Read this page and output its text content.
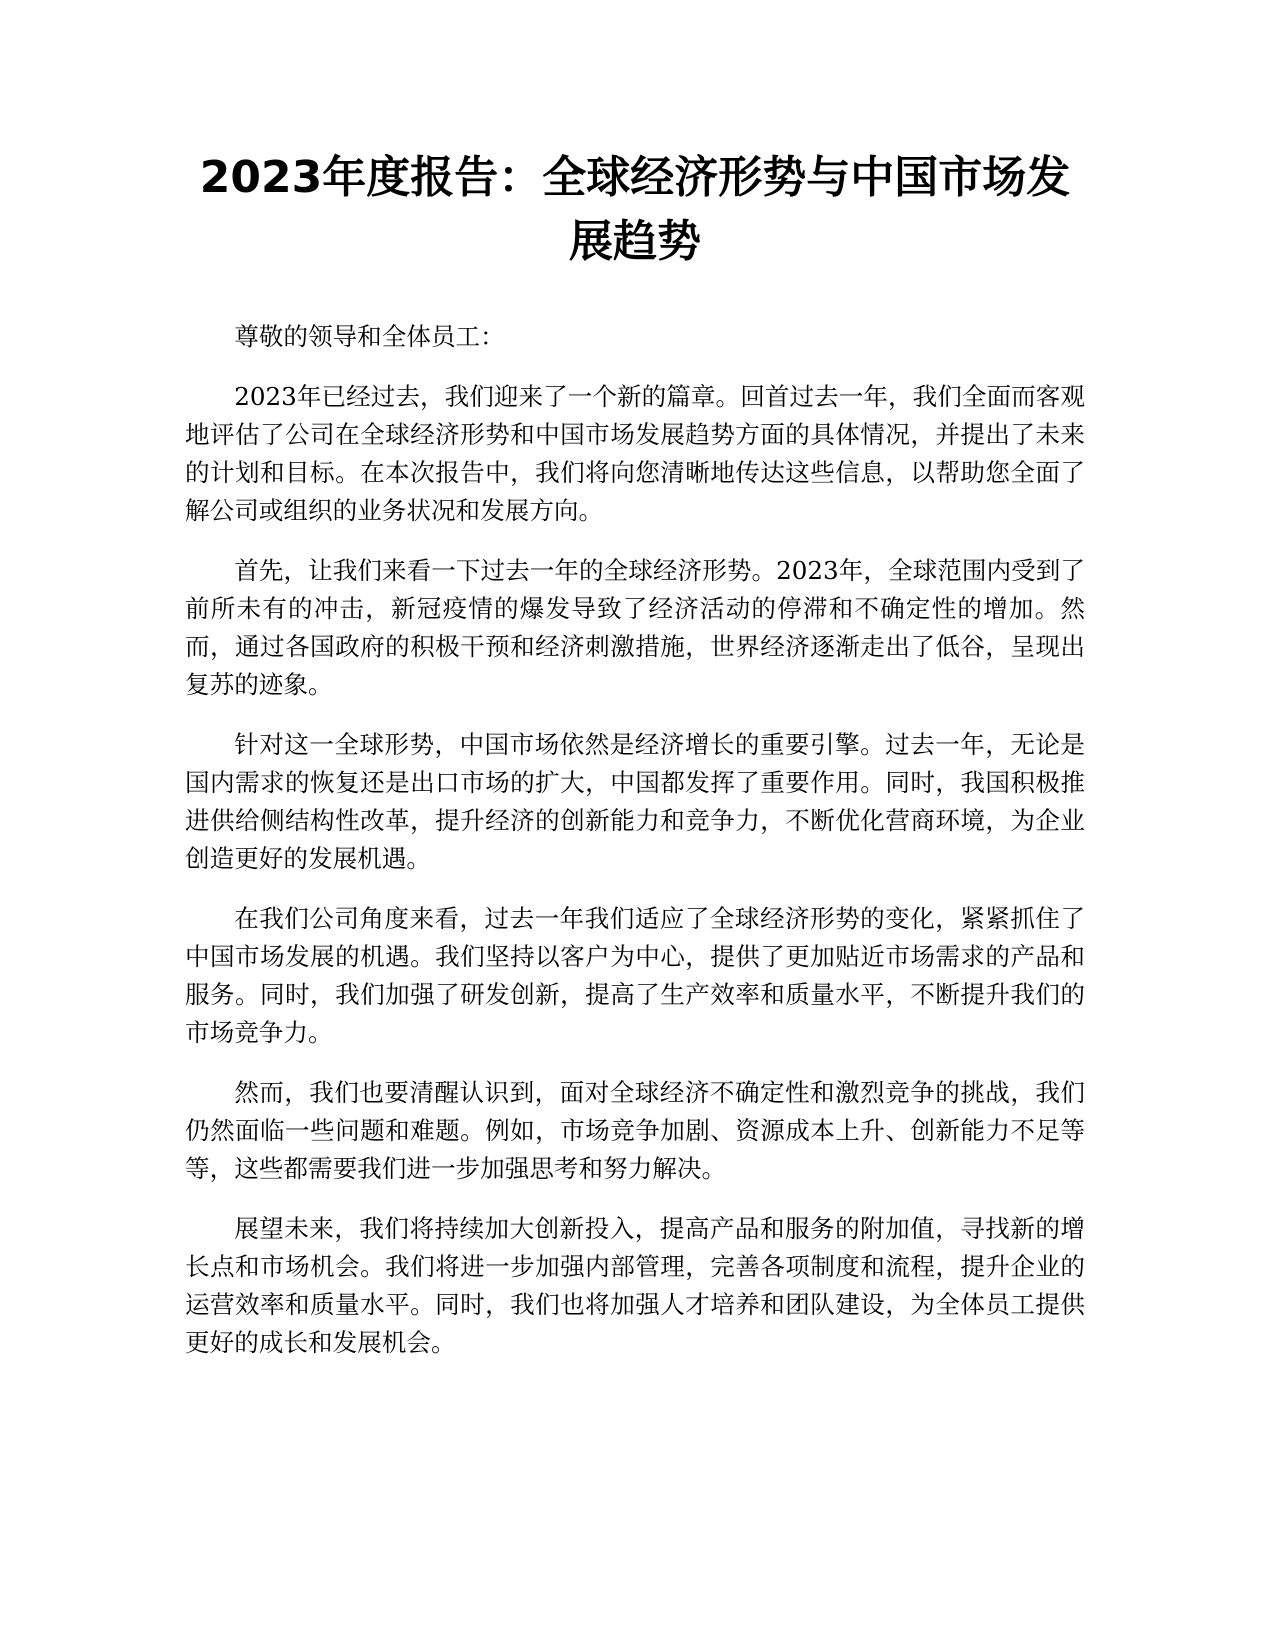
2023年度报告：全球经济形势与中国市场发展趋势

尊敬的领导和全体员工：

2023年已经过去，我们迎来了一个新的篇章。回首过去一年，我们全面而客观地评估了公司在全球经济形势和中国市场发展趋势方面的具体情况，并提出了未来的计划和目标。在本次报告中，我们将向您清晰地传达这些信息，以帮助您全面了解公司或组织的业务状况和发展方向。

首先，让我们来看一下过去一年的全球经济形势。2023年，全球范围内受到了前所未有的冲击，新冠疫情的爆发导致了经济活动的停滞和不确定性的增加。然而，通过各国政府的积极干预和经济刺激措施，世界经济逐渐走出了低谷，呈现出复苏的迹象。

针对这一全球形势，中国市场依然是经济增长的重要引擎。过去一年，无论是国内需求的恢复还是出口市场的扩大，中国都发挥了重要作用。同时，我国积极推进供给侧结构性改革，提升经济的创新能力和竞争力，不断优化营商环境，为企业创造更好的发展机遇。

在我们公司角度来看，过去一年我们适应了全球经济形势的变化，紧紧抓住了中国市场发展的机遇。我们坚持以客户为中心，提供了更加贴近市场需求的产品和服务。同时，我们加强了研发创新，提高了生产效率和质量水平，不断提升我们的市场竞争力。

然而，我们也要清醒认识到，面对全球经济不确定性和激烈竞争的挑战，我们仍然面临一些问题和难题。例如，市场竞争加剧、资源成本上升、创新能力不足等等，这些都需要我们进一步加强思考和努力解决。

展望未来，我们将持续加大创新投入，提高产品和服务的附加值，寻找新的增长点和市场机会。我们将进一步加强内部管理，完善各项制度和流程，提升企业的运营效率和质量水平。同时，我们也将加强人才培养和团队建设，为全体员工提供更好的成长和发展机会。
